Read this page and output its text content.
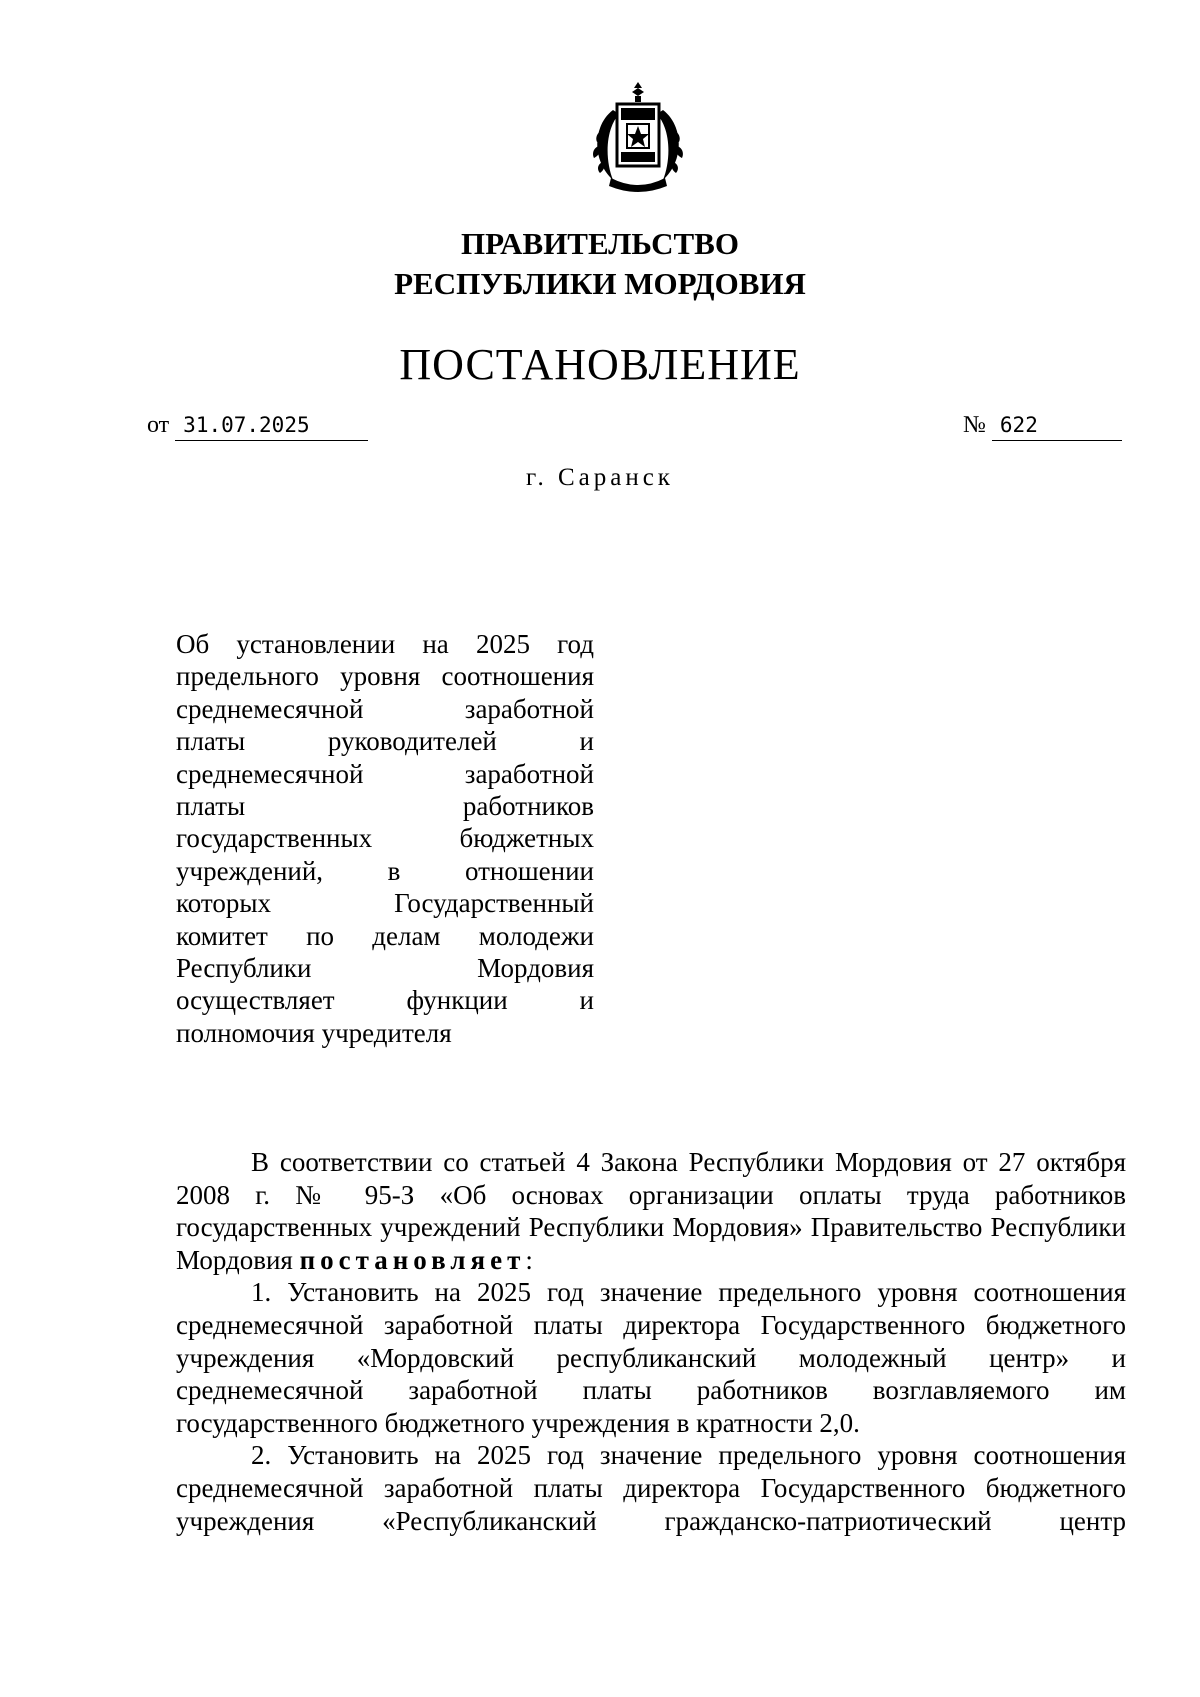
ПРАВИТЕЛЬСТВО
РЕСПУБЛИКИ МОРДОВИЯ
ПОСТАНОВЛЕНИЕ
от 31.07.2025	№ 622
г. Саранск
Об установлении на 2025 год
предельного уровня соотношения
среднемесячной заработной
платы руководителей и
среднемесячной заработной
платы работников
государственных бюджетных
учреждений, в отношении
которых Государственный
комитет по делам молодежи
Республики Мордовия
осуществляет функции и
полномочия учредителя

В соответствии со статьей 4 Закона Республики Мордовия от 27 октября 2008 г. № 95-З «Об основах организации оплаты труда работников государственных учреждений Республики Мордовия» Правительство Республики Мордовия постановляет:

1. Установить на 2025 год значение предельного уровня соотношения среднемесячной заработной платы директора Государственного бюджетного учреждения «Мордовский республиканский молодежный центр» и среднемесячной заработной платы работников возглавляемого им государственного бюджетного учреждения в кратности 2,0.

2. Установить на 2025 год значение предельного уровня соотношения среднемесячной заработной платы директора Государственного бюджетного учреждения «Республиканский гражданско-патриотический центр
